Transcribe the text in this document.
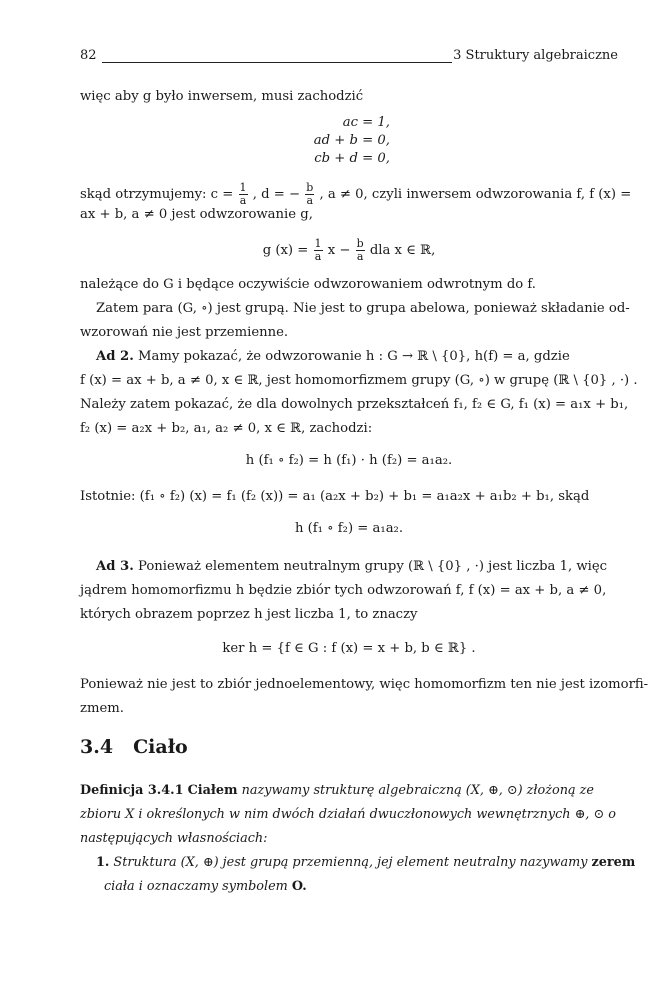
82	3 Struktury algebraiczne
więc aby g było inwersem, musi zachodzić
ac = 1,
ad + b = 0,
cb + d = 0,
skąd otrzymujemy: $c = \frac{1}{a}$ , d = − $\frac{b}{a}$ , a ≠ 0, czyli inwersem odwzorowania f, f (x) =
ax + b, a ≠ 0 jest odwzorowanie g,
g $(x) = \frac{1}{a}$ $x - \frac{b}{a}$ dla x ∈ ℝ,
należące do G i będące oczywiście odwzorowaniem odwrotnym do f.
Zatem para (G, ∘) jest grupą. Nie jest to grupa abelowa, ponieważ składanie od-
wzorowań nie jest przemienne.
Ad 2. Mamy pokazać, że odwzorowanie h : G → ℝ \ {0}, h(f) = a, gdzie
f (x) = ax + b, a ≠ 0, x ∈ ℝ, jest homomorfizmem grupy (G, ∘) w grupę (ℝ \ {0} , ·) .
Należy zatem pokazać, że dla dowolnych przekształceń f₁, f₂ ∈ G, f₁ (x) = a₁x + b₁,
f₂ (x) = a₂x + b₂, a₁, a₂ ≠ 0, x ∈ ℝ, zachodzi:
h (f₁ ∘ f₂) = h (f₁) · h (f₂) = a₁a₂.
Istotnie: (f₁ ∘ f₂) (x) = f₁ (f₂ (x)) = a₁ (a₂x + b₂) + b₁ = a₁a₂x + a₁b₂ + b₁, skąd
h (f₁ ∘ f₂) = a₁a₂.
Ad 3. Ponieważ elementem neutralnym grupy (ℝ \ {0} , ·) jest liczba 1, więc
jądrem homomorfizmu h będzie zbiór tych odwzorowań f, f (x) = ax + b, a ≠ 0,
których obrazem poprzez h jest liczba 1, to znaczy
ker h = {f ∈ G : f (x) = x + b, b ∈ ℝ} .
Ponieważ nie jest to zbiór jednoelementowy, więc homomorfizm ten nie jest izomorfi-
zmem.
3.4 Ciało
Definicja 3.4.1 Ciałem nazywamy strukturę algebraiczną (X, ⊕, ⊙) złożoną ze
zbioru X i określonych w nim dwóch działań dwuczłonowych wewnętrznych ⊕, ⊙ o
następujących własnościach:
1. Struktura (X, ⊕) jest grupą przemienną, jej element neutralny nazywamy zerem
ciała i oznaczamy symbolem O.
